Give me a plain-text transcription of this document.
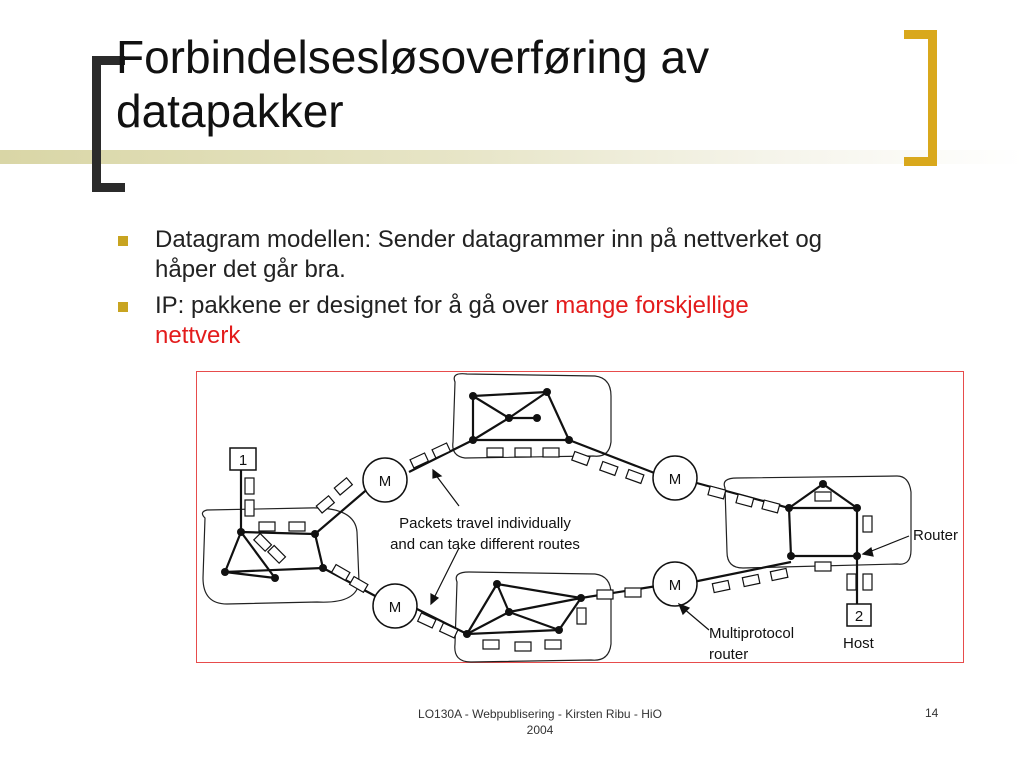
Forbindelsesløsoverføring av datapakker
Datagram modellen: Sender datagrammer inn på nettverket og håper det går bra.
IP: pakkene er designet for å gå over mange forskjellige nettverk
M
M
M
M
1
2
Packets travel individually
and can take different routes
Router
Multiprotocol
router
Host
LO130A - Webpublisering - Kirsten Ribu - HiO
2004
14
